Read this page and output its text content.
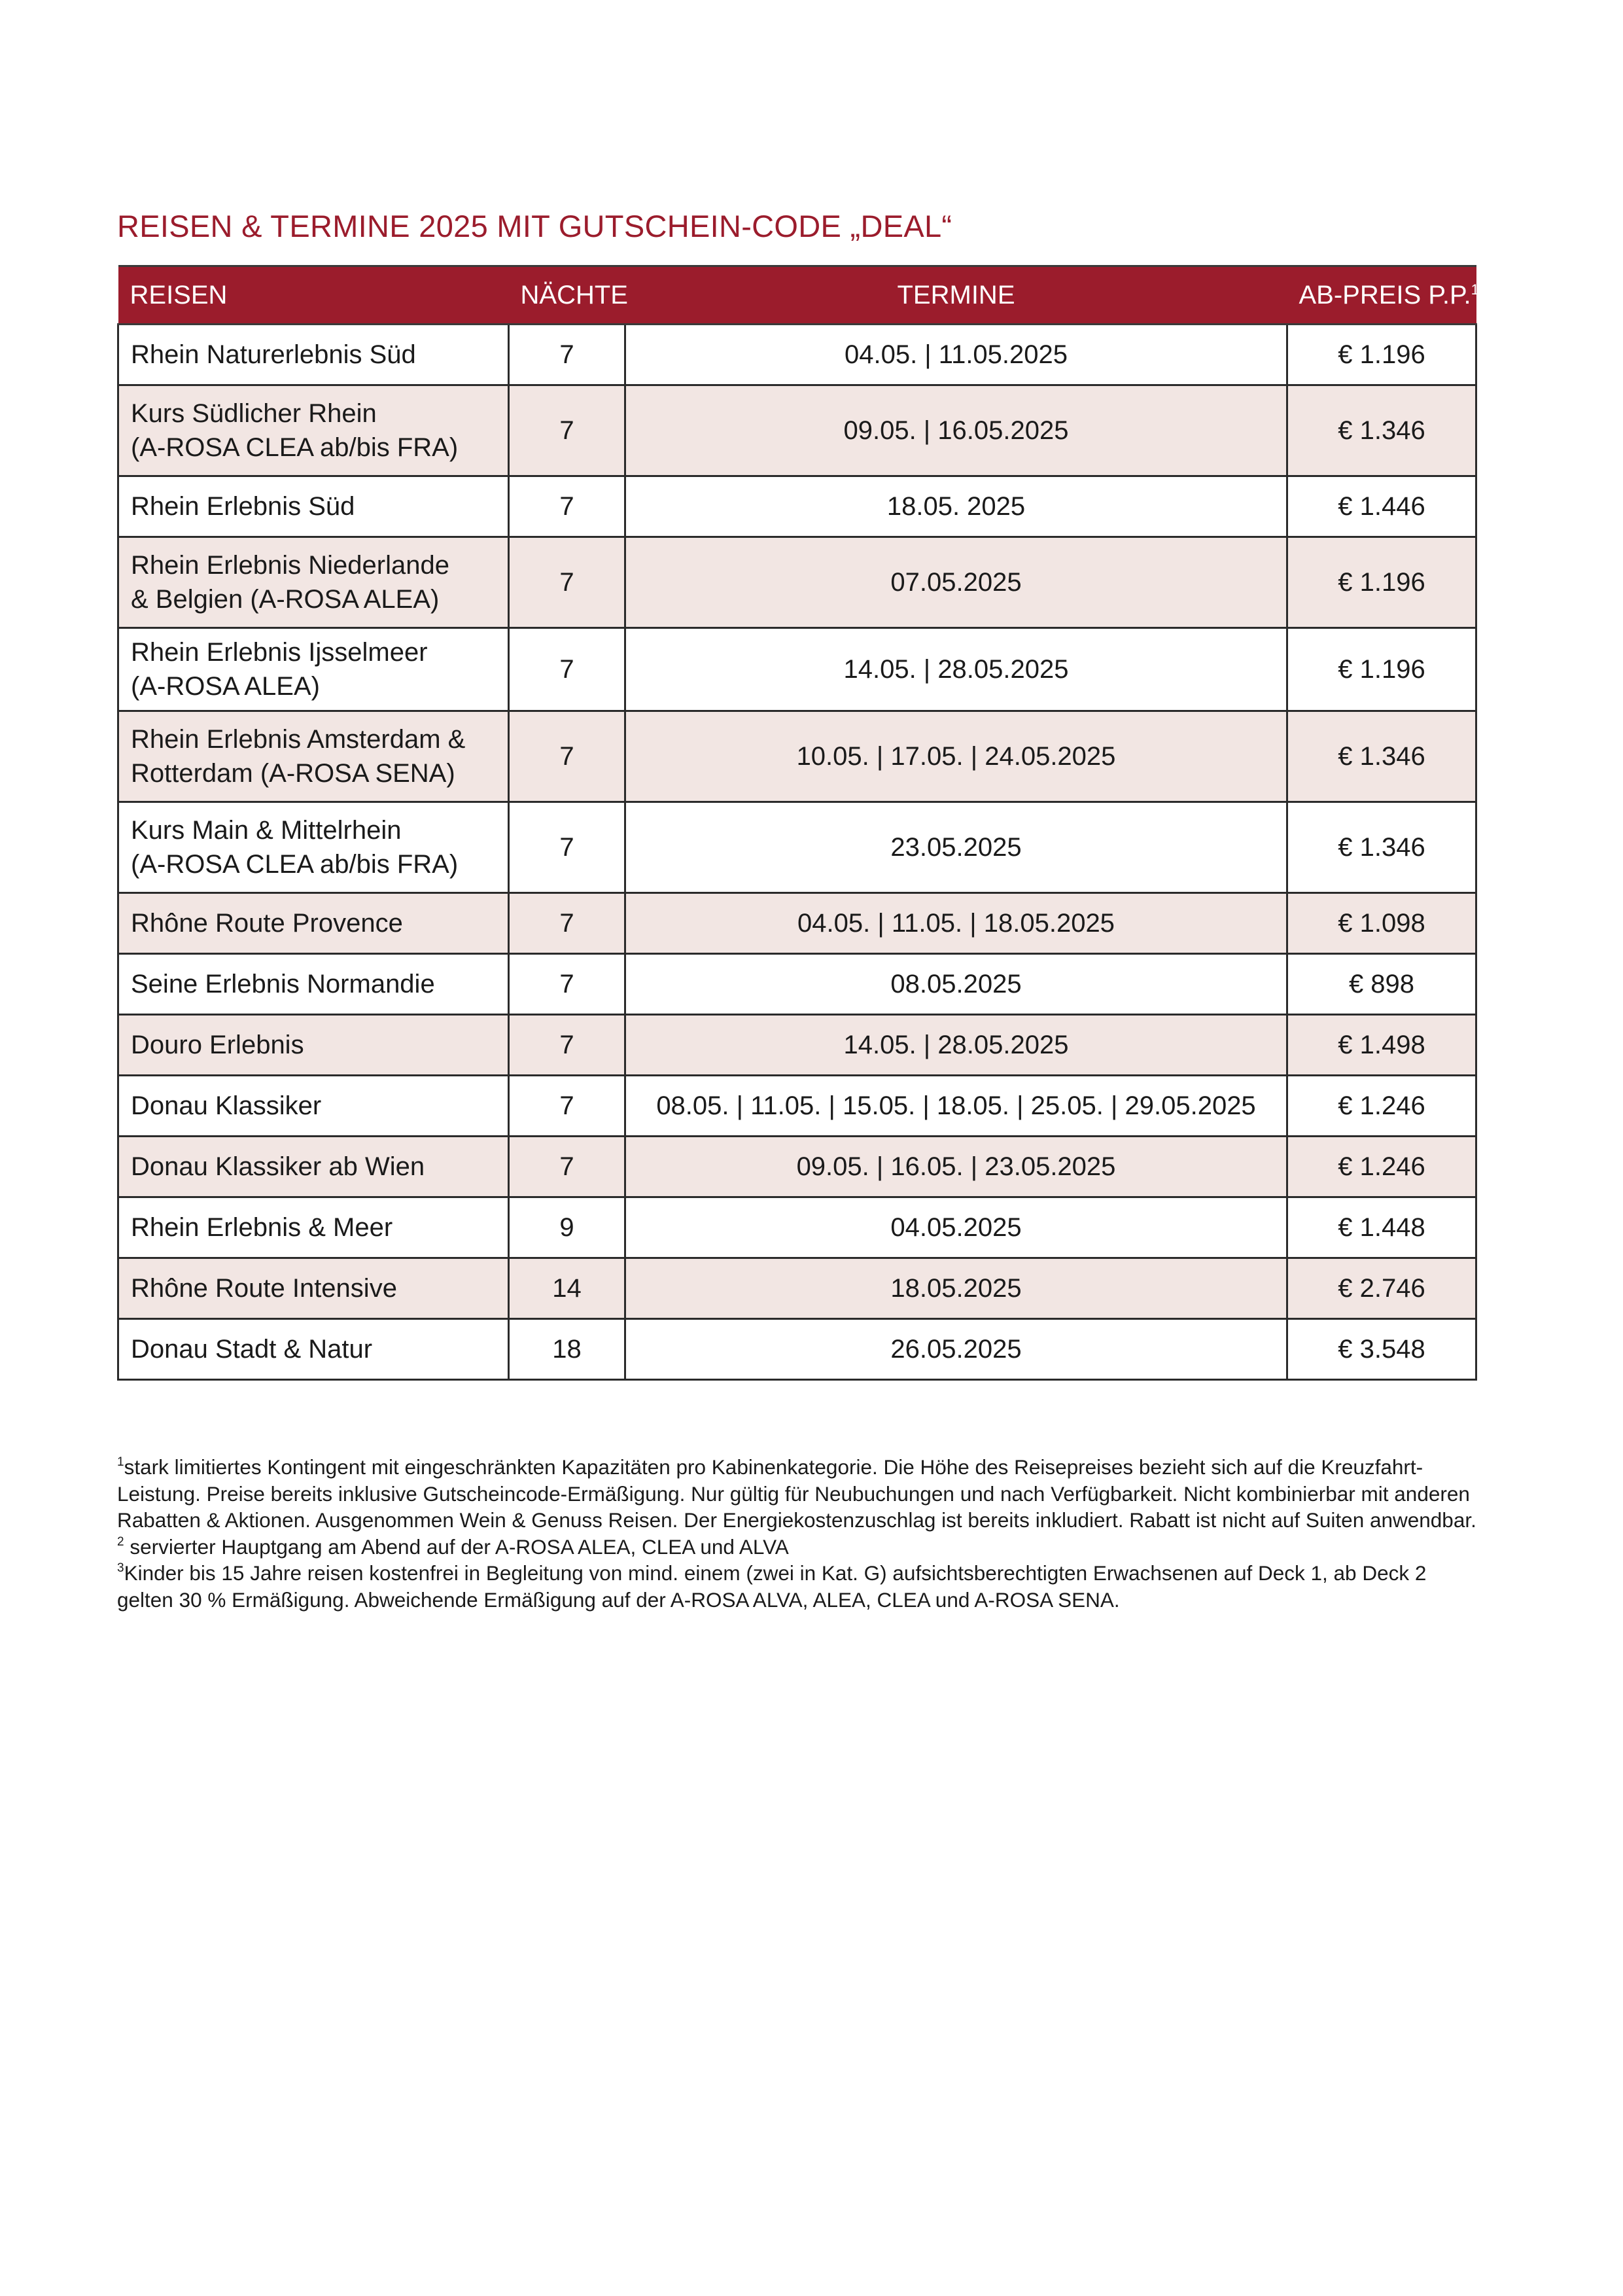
REISEN & TERMINE 2025 MIT GUTSCHEIN-CODE „DEAL“
REISEN	NÄCHTE	TERMINE	AB-PREIS P.P.$^1$
Rhein Naturerlebnis Süd	7	04.05. | 11.05.2025	€ 1.196
Kurs Südlicher Rhein
(A-ROSA CLEA ab/bis FRA)	7	09.05. | 16.05.2025	€ 1.346
Rhein Erlebnis Süd	7	18.05. 2025	€ 1.446
Rhein Erlebnis Niederlande
& Belgien (A-ROSA ALEA)	7	07.05.2025	€ 1.196
Rhein Erlebnis Ijsselmeer
(A-ROSA ALEA)	7	14.05. | 28.05.2025	€ 1.196
Rhein Erlebnis Amsterdam &
Rotterdam (A-ROSA SENA)	7	10.05. | 17.05. | 24.05.2025	€ 1.346
Kurs Main & Mittelrhein
(A-ROSA CLEA ab/bis FRA)	7	23.05.2025	€ 1.346
Rhône Route Provence	7	04.05. | 11.05. | 18.05.2025	€ 1.098
Seine Erlebnis Normandie	7	08.05.2025	€ 898
Douro Erlebnis	7	14.05. | 28.05.2025	€ 1.498
Donau Klassiker	7	08.05. | 11.05. | 15.05. | 18.05. | 25.05. | 29.05.2025	€ 1.246
Donau Klassiker ab Wien	7	09.05. | 16.05. | 23.05.2025	€ 1.246
Rhein Erlebnis & Meer	9	04.05.2025	€ 1.448
Rhône Route Intensive	14	18.05.2025	€ 2.746
Donau Stadt & Natur	18	26.05.2025	€ 3.548

$^1$stark limitiertes Kontingent mit eingeschränkten Kapazitäten pro Kabinenkategorie. Die Höhe des Reisepreises bezieht sich auf die Kreuzfahrt-Leistung. Preise bereits inklusive Gutscheincode-Ermäßigung. Nur gültig für Neubuchungen und nach Verfügbarkeit. Nicht kombinierbar mit anderen Rabatten & Aktionen. Ausgenommen Wein & Genuss Reisen. Der Energiekostenzuschlag ist bereits inkludiert. Rabatt ist nicht auf Suiten anwendbar.

$^2$ servierter Hauptgang am Abend auf der A-ROSA ALEA, CLEA und ALVA

$^3$Kinder bis 15 Jahre reisen kostenfrei in Begleitung von mind. einem (zwei in Kat. G) aufsichtsberechtigten Erwachsenen auf Deck 1, ab Deck 2 gelten 30 % Ermäßigung. Abweichende Ermäßigung auf der A-ROSA ALVA, ALEA, CLEA und A-ROSA SENA.
